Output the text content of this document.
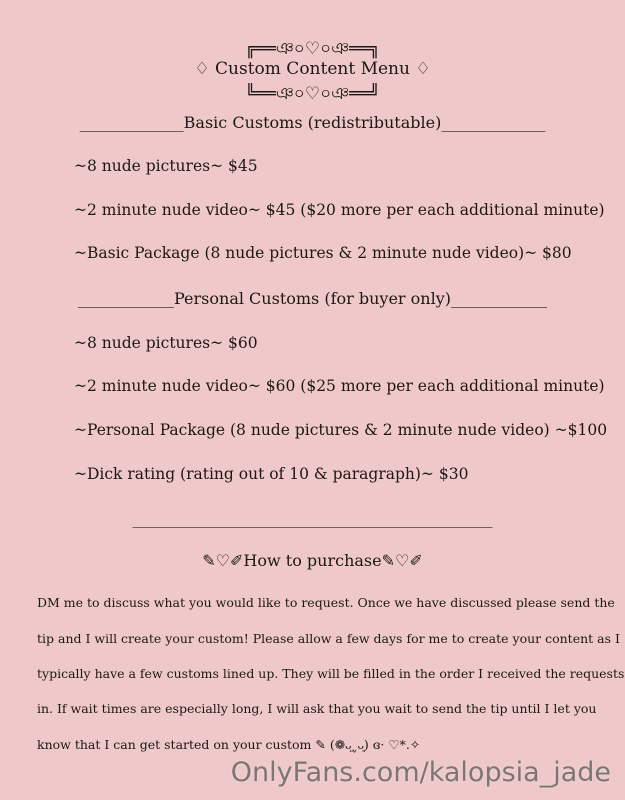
╔══ঞ০♡০ঞ══╗
♢ Custom Content Menu ♢
╚══ঞ০♡০ঞ══╝
_____________Basic Customs (redistributable)_____________
~8 nude pictures~ $45
~2 minute nude video~ $45 ($20 more per each additional minute)
~Basic Package (8 nude pictures & 2 minute nude video)~ $80
____________Personal Customs (for buyer only)____________
~8 nude pictures~ $60
~2 minute nude video~ $60 ($25 more per each additional minute)
~Personal Package (8 nude pictures & 2 minute nude video) ~$100
~Dick rating (rating out of 10 & paragraph)~ $30
________________________________________________
✎♡✐How to purchase✎♡✐
DM me to discuss what you would like to request. Once we have discussed please send the
tip and I will create your custom! Please allow a few days for me to create your content as I
typically have a few customs lined up. They will be filled in the order I received the requests
in. If wait times are especially long, I will ask that you wait to send the tip until I let you
know that I can get started on your custom ✎ (❁ᴗ͈ˬᴗ͈) ɞ· ♡*.✧
OnlyFans.com/kalopsia_jade
